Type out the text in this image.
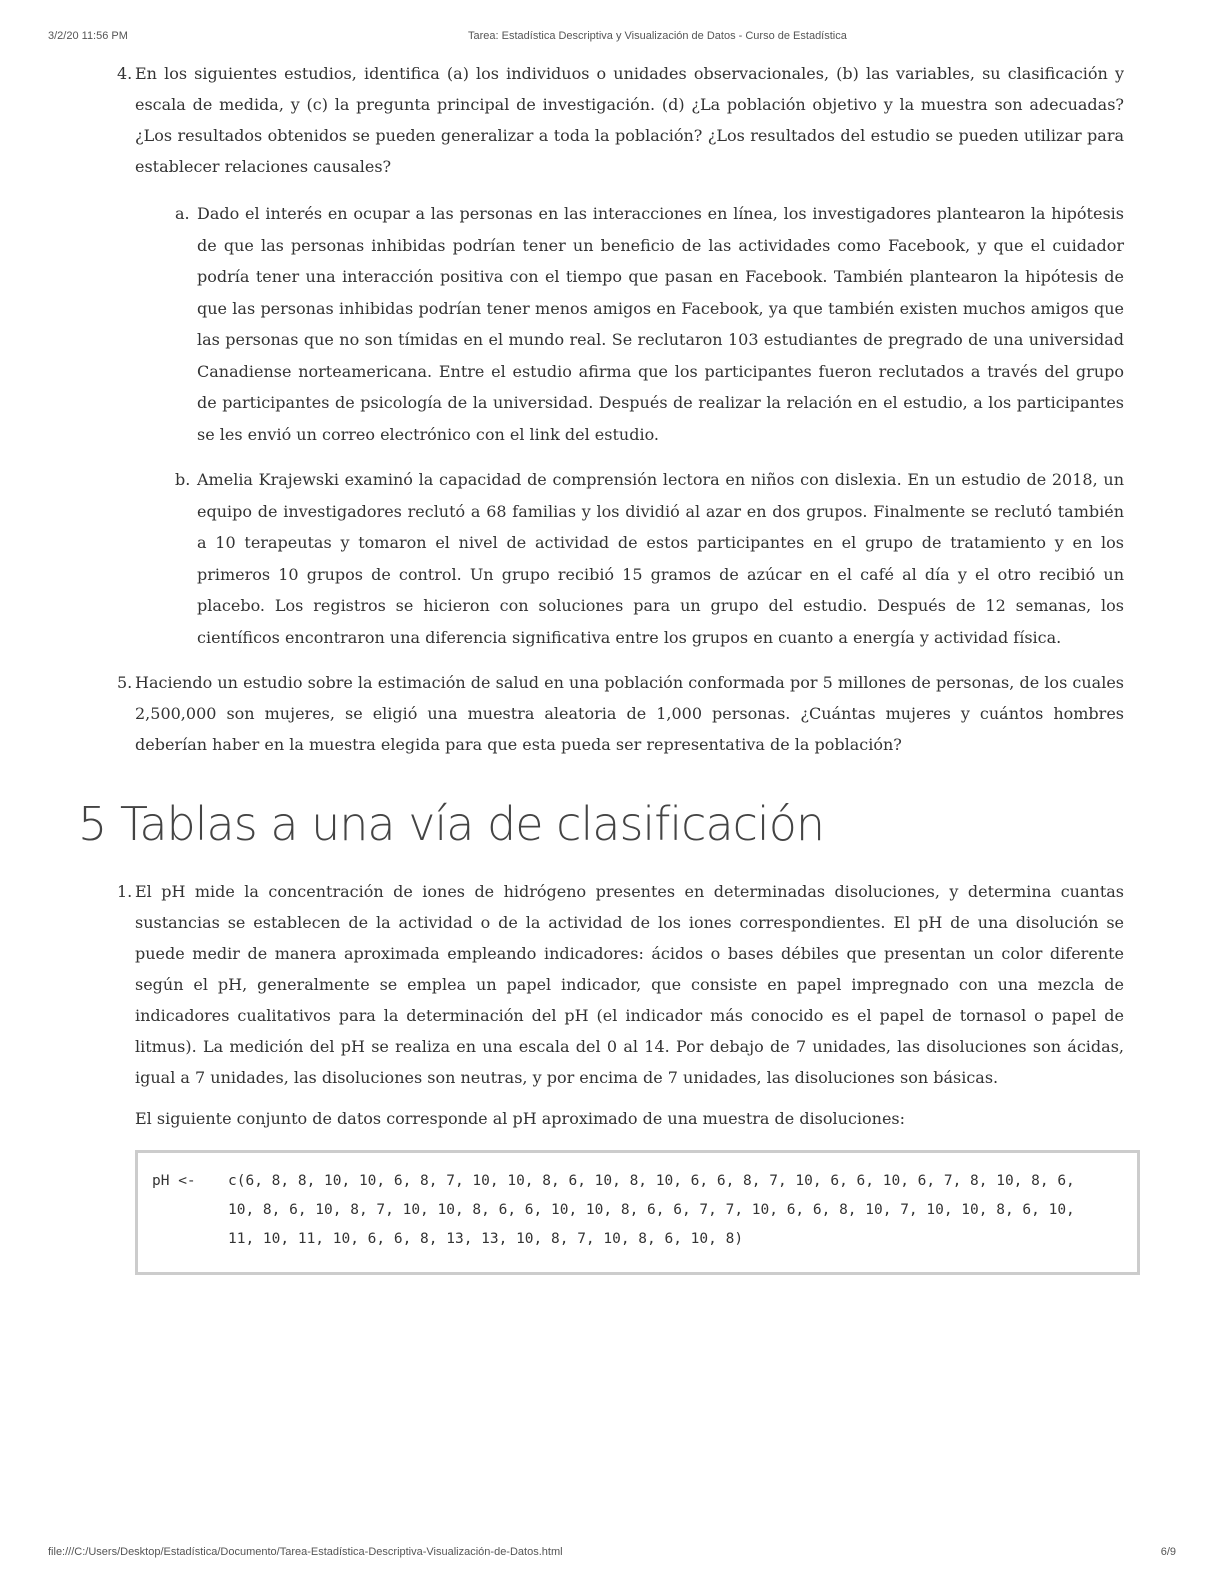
3/2/20 11:56 PM	Tarea: Estadística Descriptiva y Visualización de Datos - Curso de Estadística
4. En los siguientes estudios, identifica (a) los individuos o unidades observacionales, (b) las variables, su clasificación y escala de medida, y (c) la pregunta principal de investigación. (d) ¿La población objetivo y la muestra son adecuadas? ¿Los resultados obtenidos se pueden generalizar a toda la población? ¿Los resultados del estudio se pueden utilizar para establecer relaciones causales?
a. Dado el interés en ocupar a las personas en las interacciones en línea, los investigadores plantearon la hipótesis de que las personas inhibidas podrían tener un beneficio de las actividades como Facebook, y que el cuidador podría tener una interacción positiva con el tiempo que pasan en Facebook. También plantearon la hipótesis de que las personas inhibidas podrían tener menos amigos en Facebook, ya que también existen muchos amigos que las personas que no son tímidas en el mundo real. Se reclutaron 103 estudiantes de pregrado de una universidad Canadiense norteamericana. Entre el estudio afirma que los participantes fueron reclutados a través del grupo de participantes de psicología de la universidad. Después de realizar la relación en el estudio, a los participantes se les envió un correo electrónico con el link del estudio.
b. Amelia Krajewski examinó la capacidad de comprensión lectora en niños con dislexia. En un estudio de 2018, un equipo de investigadores reclutó a 68 familias y los dividió al azar en dos grupos. Finalmente se reclutó también a 10 terapeutas y tomaron el nivel de actividad de estos participantes en el grupo de tratamiento y en los primeros 10 grupos de control. Un grupo recibió 15 gramos de azúcar en el café al día y el otro recibió un placebo. Los registros se hicieron con soluciones para un grupo del estudio. Después de 12 semanas, los científicos encontraron una diferencia significativa entre los grupos en cuanto a energía y actividad física.
5. Haciendo un estudio sobre la estimación de salud en una población conformada por 5 millones de personas, de los cuales 2,500,000 son mujeres, se eligió una muestra aleatoria de 1,000 personas. ¿Cuántas mujeres y cuántos hombres deberían haber en la muestra elegida para que esta pueda ser representativa de la población?
5 Tablas a una vía de clasificación
1. El pH mide la concentración de iones de hidrógeno presentes en determinadas disoluciones, y determina cuantas sustancias se establecen de la actividad o de la actividad de los iones correspondientes. El pH de una disolución se puede medir de manera aproximada empleando indicadores: ácidos o bases débiles que presentan un color diferente según el pH, generalmente se emplea un papel indicador, que consiste en papel impregnado con una mezcla de indicadores cualitativos para la determinación del pH (el indicador más conocido es el papel de tornasol o papel de litmus). La medición del pH se realiza en una escala del 0 al 14. Por debajo de 7 unidades, las disoluciones son ácidas, igual a 7 unidades, las disoluciones son neutras, y por encima de 7 unidades, las disoluciones son básicas.

El siguiente conjunto de datos corresponde al pH aproximado de una muestra de disoluciones:

pH <- c(6, 8, 8, 10, 10, 6, 8, 7, 10, 10, 8, 6, 10, 8, 10, 6, 6, 8, 7, 10, 6, 6, 10, 6, 7, 8, 10, 8, 6, 10, 8, 6, 10, 8, 7, 10, 10, 8, 6, 6, 10, 10, 8, 6, 6, 7, 7, 10, 6, 6, 8, 10, 7, 10, 10, 8, 6, 10, 11, 10, 11, 10, 6, 6, 8, 13, 13, 10, 8, 7, 10, 8, 6, 10, 8)
file:///C:/Users/Desktop/Estadística/Documento/Tarea-Estadística-Descriptiva-Visualización-de-Datos.html	6/9
